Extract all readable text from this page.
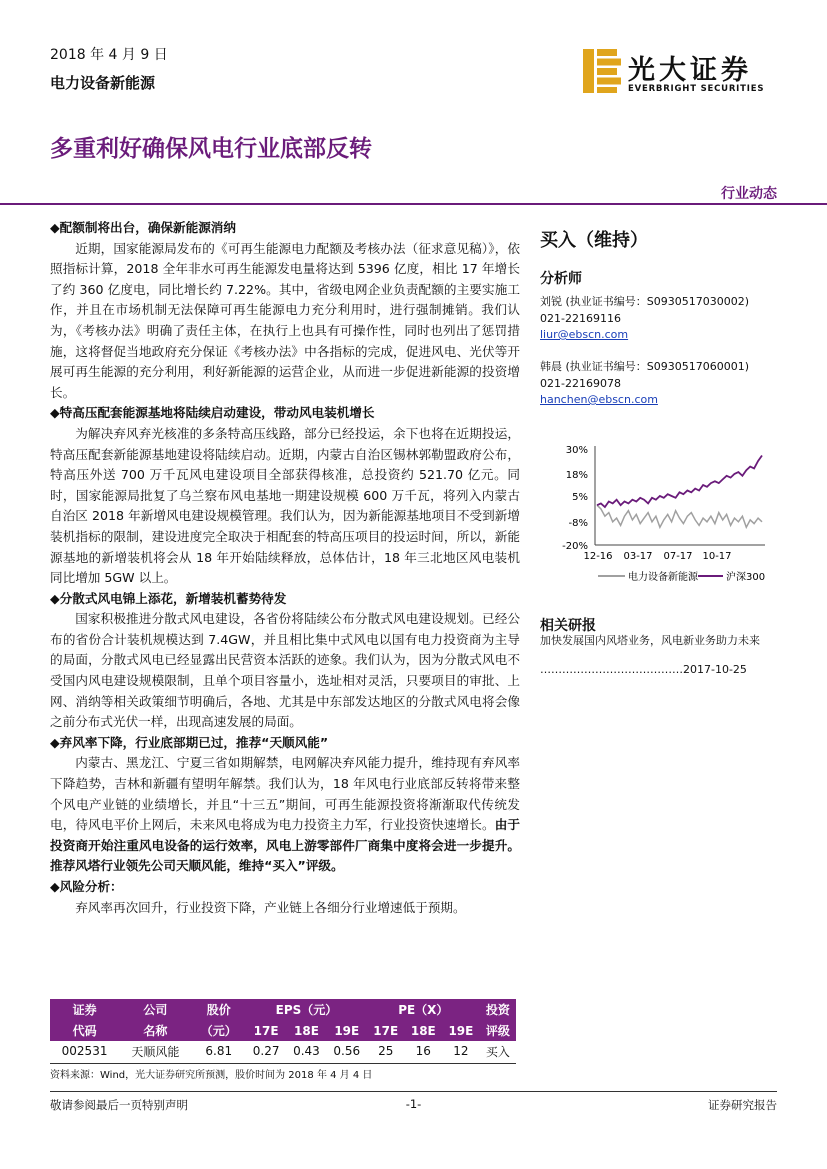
2018 年 4 月 9 日
电力设备新能源	光大证券
EVERBRIGHT SECURITIES
多重利好确保风电行业底部反转
行业动态

◆配额制将出台，确保新能源消纳

近期，国家能源局发布的《可再生能源电力配额及考核办法（征求意见稿）》，依照指标计算，2018 全年非水可再生能源发电量将达到 5396 亿度，相比 17 年增长了约 360 亿度电，同比增长约 7.22%。其中，省级电网企业负责配额的主要实施工作，并且在市场机制无法保障可再生能源电力充分利用时，进行强制摊销。我们认为，《考核办法》明确了责任主体，在执行上也具有可操作性，同时也列出了惩罚措施，这将督促当地政府充分保证《考核办法》中各指标的完成，促进风电、光伏等开展可再生能源的充分利用，利好新能源的运营企业，从而进一步促进新能源的投资增长。

◆特高压配套能源基地将陆续启动建设，带动风电装机增长

为解决弃风弃光核准的多条特高压线路，部分已经投运，余下也将在近期投运，特高压配套新能源基地建设将陆续启动。近期，内蒙古自治区锡林郭勒盟政府公布，特高压外送 700 万千瓦风电建设项目全部获得核准，总投资约 521.70 亿元。同时，国家能源局批复了乌兰察布风电基地一期建设规模 600 万千瓦，将列入内蒙古自治区 2018 年新增风电建设规模管理。我们认为，因为新能源基地项目不受到新增装机指标的限制，建设进度完全取决于相配套的特高压项目的投运时间，所以，新能源基地的新增装机将会从 18 年开始陆续释放，总体估计，18 年三北地区风电装机同比增加 5GW 以上。

◆分散式风电锦上添花，新增装机蓄势待发

国家积极推进分散式风电建设，各省份将陆续公布分散式风电建设规划。已经公布的省份合计装机规模达到 7.4GW，并且相比集中式风电以国有电力投资商为主导的局面，分散式风电已经显露出民营资本活跃的迹象。我们认为，因为分散式风电不受国内风电建设规模限制，且单个项目容量小，选址相对灵活，只要项目的审批、上网、消纳等相关政策细节明确后，各地、尤其是中东部发达地区的分散式风电将会像之前分布式光伏一样，出现高速发展的局面。

◆弃风率下降，行业底部期已过，推荐“天顺风能”

内蒙古、黑龙江、宁夏三省如期解禁，电网解决弃风能力提升，维持现有弃风率下降趋势，吉林和新疆有望明年解禁。我们认为，18 年风电行业底部反转将带来整个风电产业链的业绩增长，并且“十三五”期间，可再生能源投资将渐渐取代传统发电，待风电平价上网后，未来风电将成为电力投资主力军，行业投资快速增长。由于投资商开始注重风电设备的运行效率，风电上游零部件厂商集中度将会进一步提升。推荐风塔行业领先公司天顺风能，维持“买入”评级。

◆风险分析：

弃风率再次回升，行业投资下降，产业链上各细分行业增速低于预期。

买入（维持）
分析师
刘锐 (执业证书编号：S0930517030002)
021-22169116
liur@ebscn.com
韩晨 (执业证书编号：S0930517060001)
021-22169078
hanchen@ebscn.com
30%
18%
5%
-8%
-20%
12-16 03-17 07-17 10-17
电力设备新能源	沪深300
相关研报
加快发展国内风塔业务，风电新业务助力未来
…………………………………2017-10-25
证券	公司	股价	EPS（元）			PE（X）			投资
代码	名称	（元）	17E	18E	19E	17E	18E	19E	评级
002531	天顺风能	6.81	0.27	0.43	0.56	25	16	12	买入
资料来源：Wind，光大证券研究所预测，股价时间为 2018 年 4 月 4 日
敬请参阅最后一页特别声明	-1-	证券研究报告
